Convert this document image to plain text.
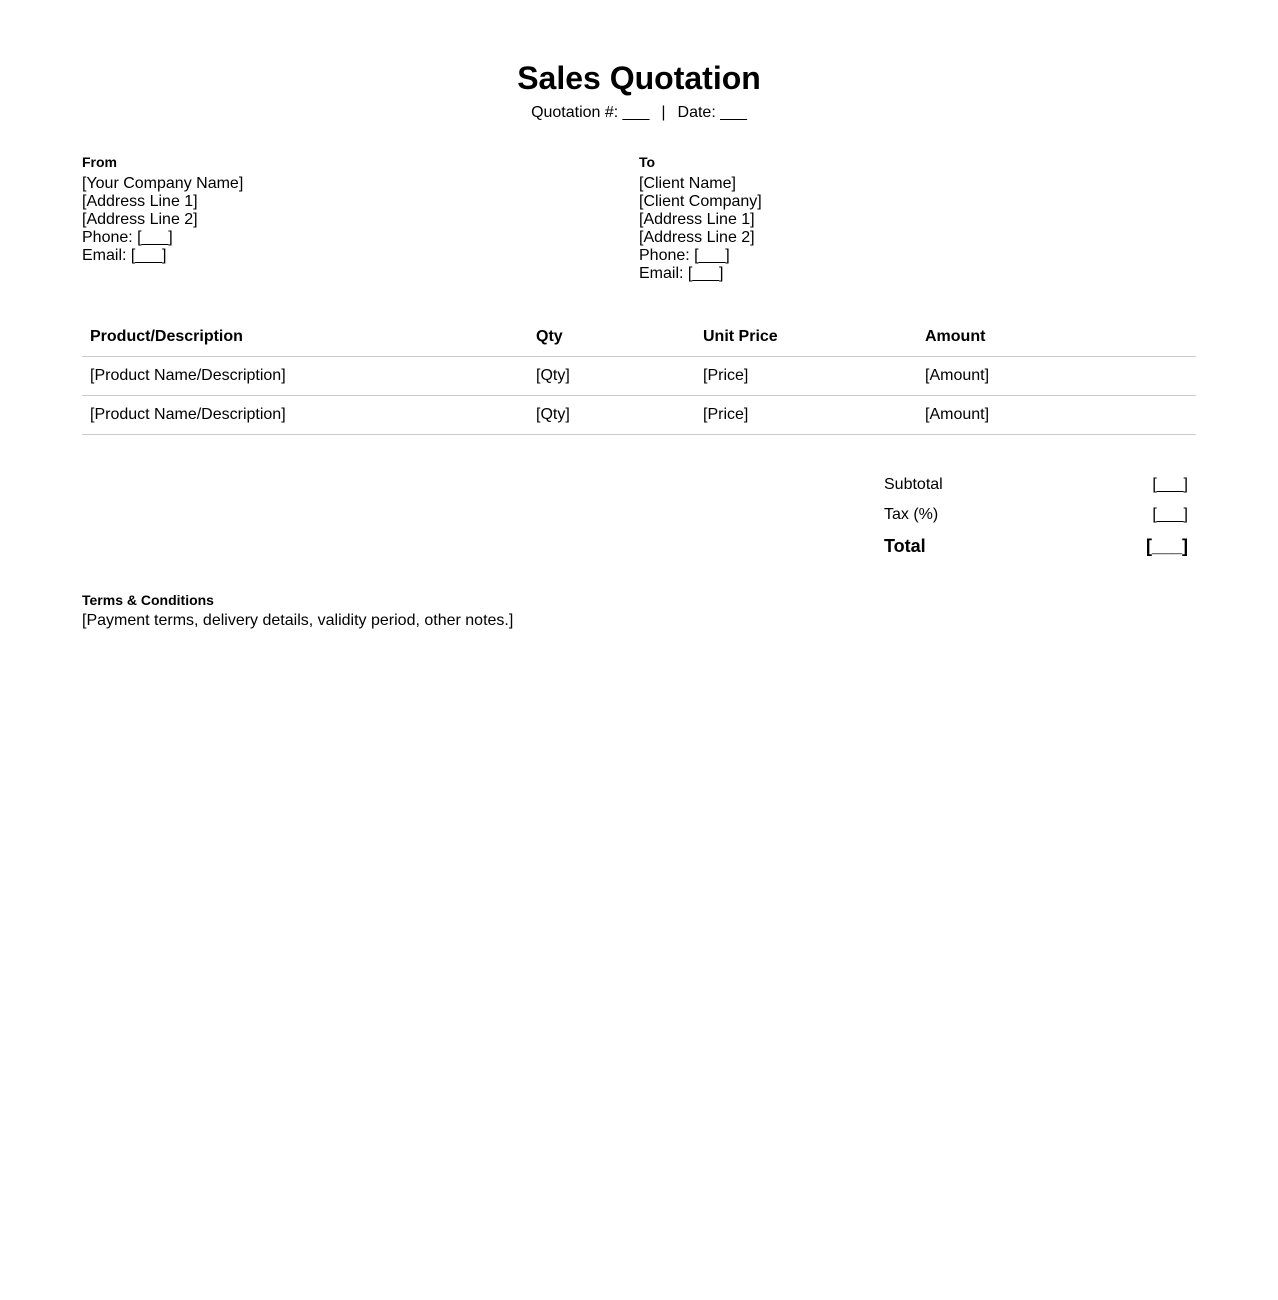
Sales Quotation
Quotation #: ___ | Date: ___
From
[Your Company Name]
[Address Line 1]
[Address Line 2]
Phone: [___]
Email: [___]
To
[Client Name]
[Client Company]
[Address Line 1]
[Address Line 2]
Phone: [___]
Email: [___]
Product/Description	Qty	Unit Price	Amount
[Product Name/Description]	[Qty]	[Price]	[Amount]
[Product Name/Description]	[Qty]	[Price]	[Amount]
Subtotal	[___]
Tax (%)	[___]
Total	[___]
Terms & Conditions
[Payment terms, delivery details, validity period, other notes.]
